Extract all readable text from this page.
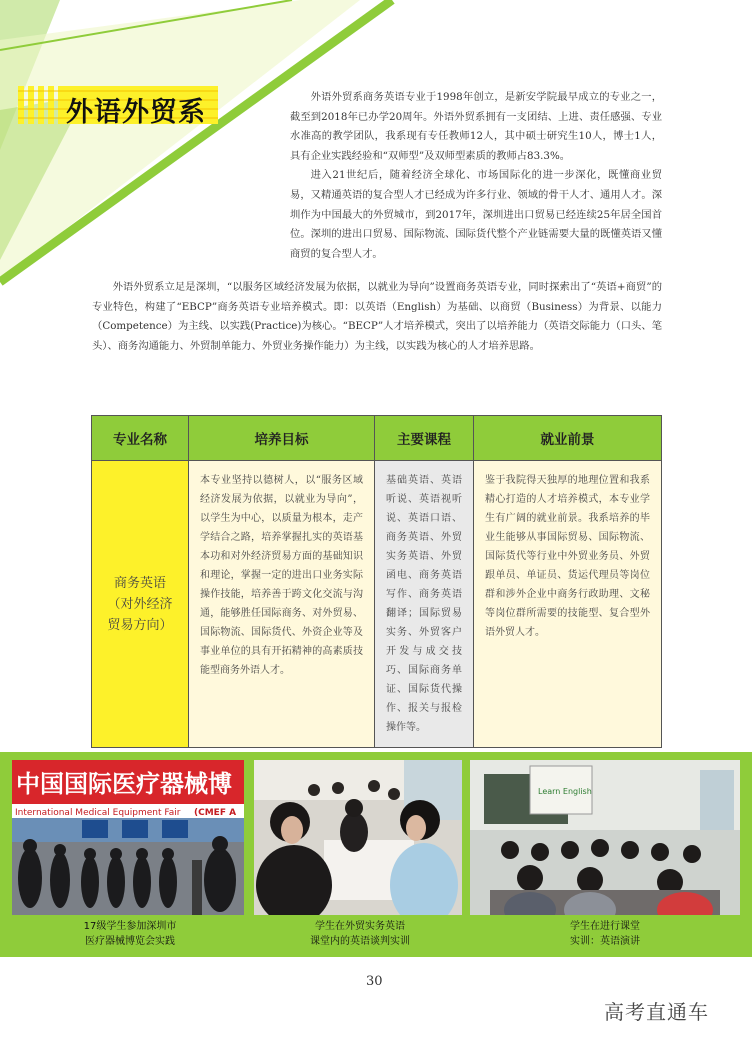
外语外贸系	外语外贸系商务英语专业于1998年创立，是新安学院最早成立的专业之一，截至到2018年已办学20周年。外语外贸系拥有一支团结、上进、责任感强、专业水准高的教学团队，我系现有专任教师12人，其中硕士研究生10人，博士1人，具有企业实践经验和“双师型”及双师型素质的教师占83.3%。

进入21世纪后，随着经济全球化、市场国际化的进一步深化，既懂商业贸易，又精通英语的复合型人才已经成为许多行业、领域的骨干人才、通用人才。深圳作为中国最大的外贸城市，到2017年，深圳进出口贸易已经连续25年居全国首位。深圳的进出口贸易、国际物流、国际货代整个产业链需要大量的既懂英语又懂商贸的复合型人才。

外语外贸系立足是深圳，“以服务区域经济发展为依据，以就业为导向”设置商务英语专业，同时探索出了“英语+商贸”的专业特色，构建了“EBCP”商务英语专业培养模式。即：以英语（English）为基础、以商贸（Business）为背景、以能力（Competence）为主线、以实践(Practice)为核心。“BECP”人才培养模式，突出了以培养能力（英语交际能力（口头、笔头）、商务沟通能力、外贸制单能力、外贸业务操作能力）为主线，以实践为核心的人才培养思路。

专业名称	培养目标	主要课程	就业前景

商务英语
（对外经济贸易方向）	本专业坚持以德树人，以“服务区域经济发展为依据，以就业为导向”，以学生为中心，以质量为根本，走产学结合之路，培养掌握扎实的英语基本功和对外经济贸易方面的基础知识和理论，掌握一定的进出口业务实际操作技能，培养善于跨文化交流与沟通，能够胜任国际商务、对外贸易、国际物流、国际货代、外资企业等及事业单位的具有开拓精神的高素质技能型商务外语人才。	基础英语、英语听说、英语视听说、英语口语、商务英语、外贸实务英语、外贸函电、商务英语写作、商务英语翻译；国际贸易实务、外贸客户开发与成交技巧、国际商务单证、国际货代操作、报关与报检操作等。	鉴于我院得天独厚的地理位置和我系精心打造的人才培养模式，本专业学生有广阔的就业前景。我系培养的毕业生能够从事国际贸易、国际物流、国际货代等行业中外贸业务员、外贸跟单员、单证员、货运代理员等岗位群和涉外企业中商务行政助理、文秘等岗位群所需要的技能型、复合型外语外贸人才。
中国国际医疗器械博
International Medical Equipment Fair (CMEF A
17级学生参加深圳市
医疗器械博览会实践
学生在外贸实务英语
课堂内的英语谈判实训
Learn English
学生在进行课堂
实训：英语演讲
30
高考直通车
